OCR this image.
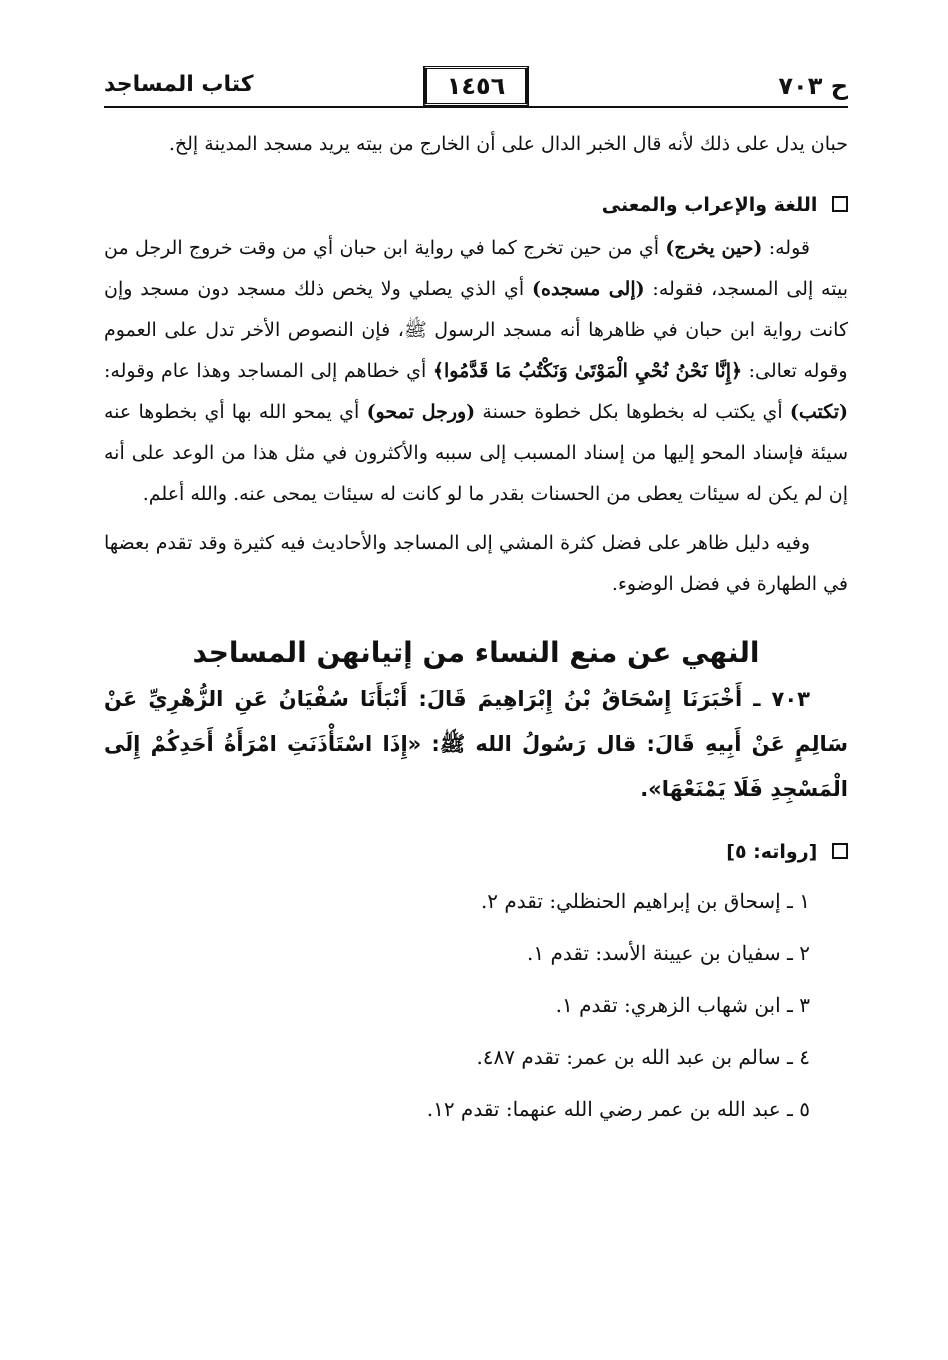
ح ٧٠٣
١٤٥٦
كتاب المساجد

حبان يدل على ذلك لأنه قال الخبر الدال على أن الخارج من بيته يريد مسجد المدينة إلخ.

اللغة والإعراب والمعنى

قوله: (حين يخرج) أي من حين تخرج كما في رواية ابن حبان أي من وقت خروج الرجل من بيته إلى المسجد، فقوله: (إلى مسجده) أي الذي يصلي ولا يخص ذلك مسجد دون مسجد وإن كانت رواية ابن حبان في ظاهرها أنه مسجد الرسول ﷺ، فإن النصوص الأخر تدل على العموم وقوله تعالى: ﴿إِنَّا نَحْنُ نُحْيِ الْمَوْتَىٰ وَنَكْتُبُ مَا قَدَّمُوا﴾ أي خطاهم إلى المساجد وهذا عام وقوله: (تكتب) أي يكتب له بخطوها بكل خطوة حسنة (ورجل تمحو) أي يمحو الله بها أي بخطوها عنه سيئة فإسناد المحو إليها من إسناد المسبب إلى سببه والأكثرون في مثل هذا من الوعد على أنه إن لم يكن له سيئات يعطى من الحسنات بقدر ما لو كانت له سيئات يمحى عنه. والله أعلم.

وفيه دليل ظاهر على فضل كثرة المشي إلى المساجد والأحاديث فيه كثيرة وقد تقدم بعضها في الطهارة في فضل الوضوء.

النهي عن منع النساء من إتيانهن المساجد

٧٠٣ ـ أَخْبَرَنَا إِسْحَاقُ بْنُ إِبْرَاهِيمَ قَالَ: أَنْبَأَنَا سُفْيَانُ عَنِ الزُّهْرِيِّ عَنْ سَالِمٍ عَنْ أَبِيهِ قَالَ: قال رَسُولُ الله ﷺ: «إِذَا اسْتَأْذَنَتِ امْرَأَةُ أَحَدِكُمْ إِلَى الْمَسْجِدِ فَلَا يَمْنَعْهَا».

[رواته: ٥]
١ ـ إسحاق بن إبراهيم الحنظلي: تقدم ٢.
٢ ـ سفيان بن عيينة الأسد: تقدم ١.
٣ ـ ابن شهاب الزهري: تقدم ١.
٤ ـ سالم بن عبد الله بن عمر: تقدم ٤٨٧.
٥ ـ عبد الله بن عمر رضي الله عنهما: تقدم ١٢.
